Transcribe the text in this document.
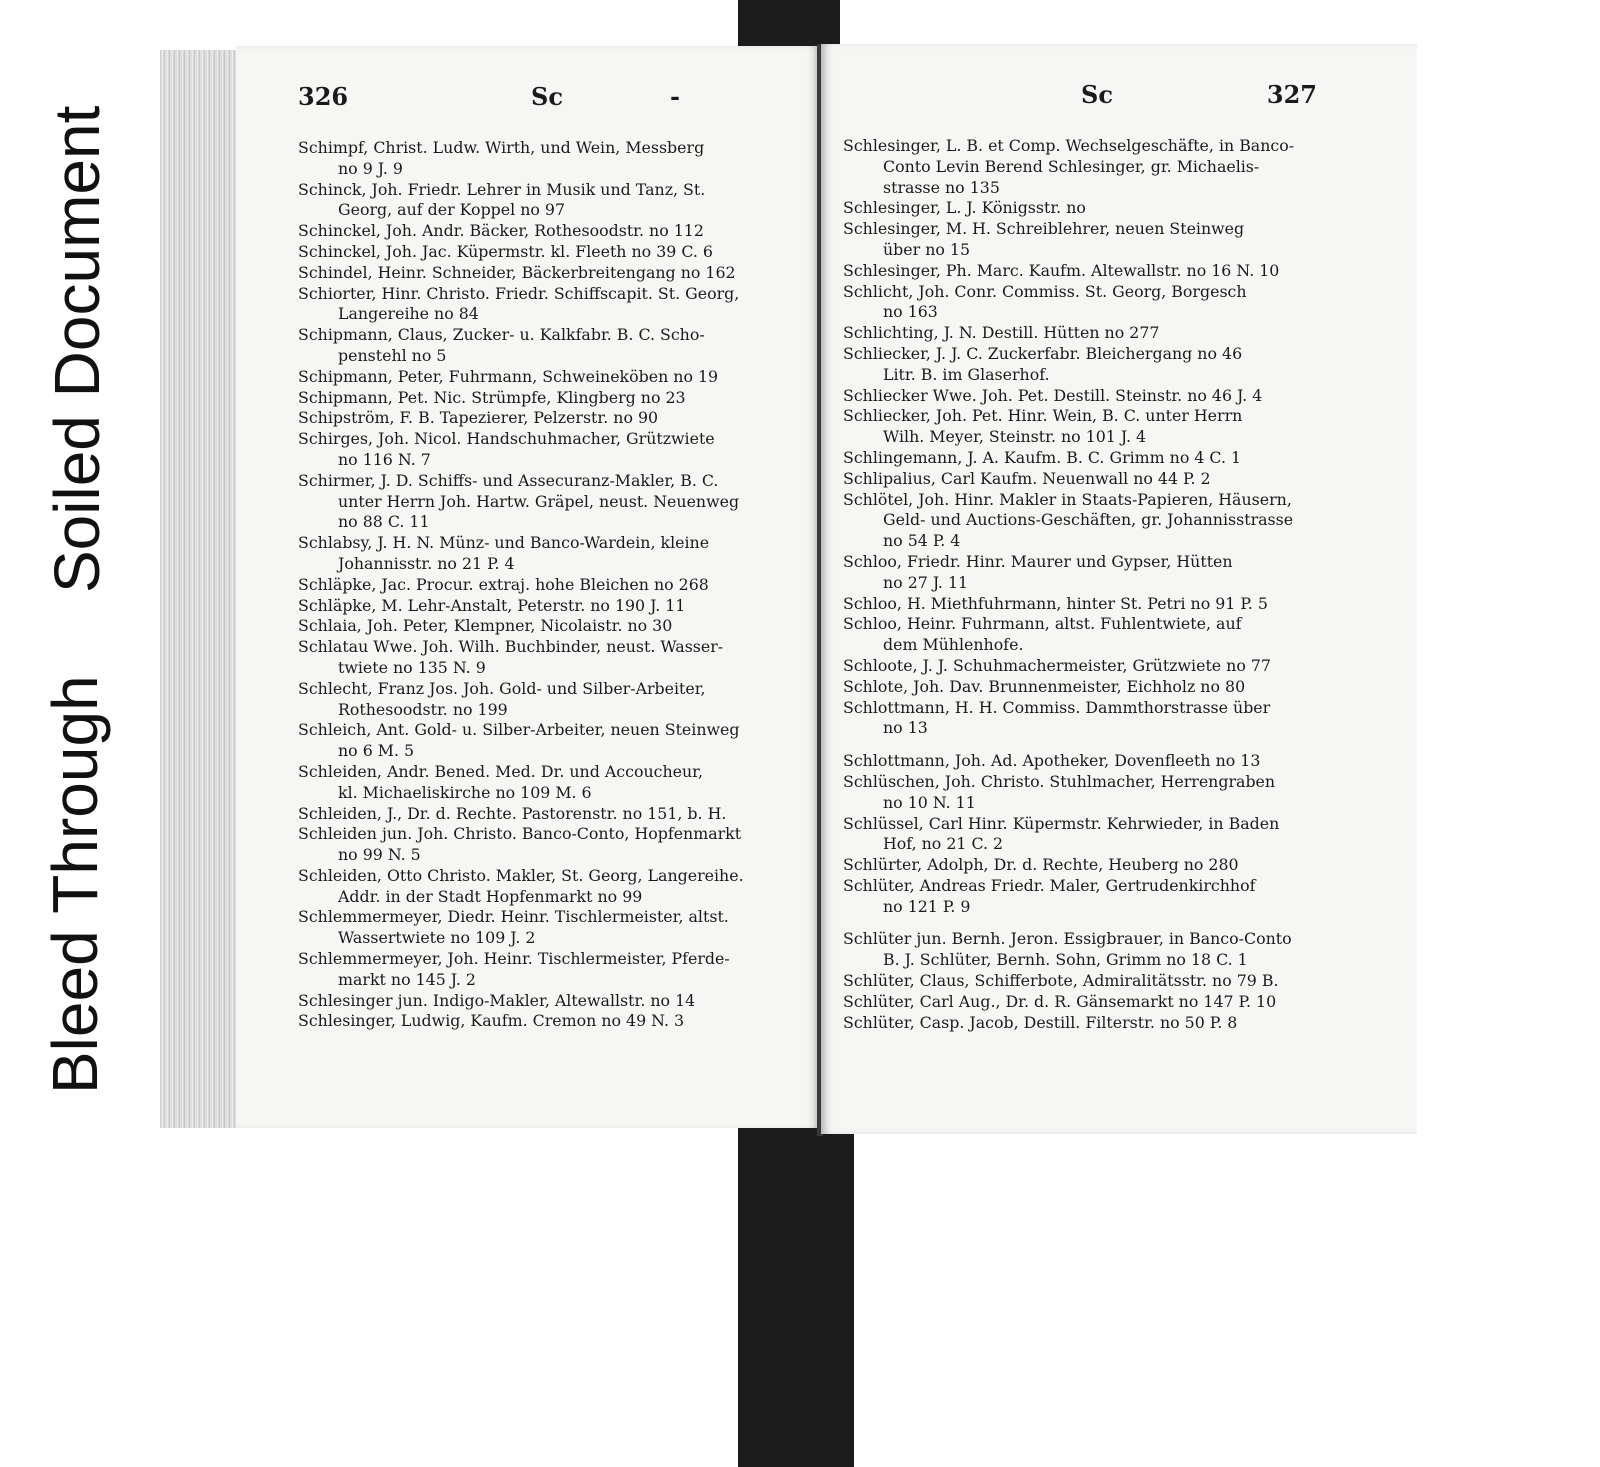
Soiled Document
Bleed Through
326	Sc	-

Schimpf, Christ. Ludw. Wirth, und Wein, Messberg
no 9 J. 9

Schinck, Joh. Friedr. Lehrer in Musik und Tanz, St.
Georg, auf der Koppel no 97

Schinckel, Joh. Andr. Bäcker, Rothesoodstr. no 112

Schinckel, Joh. Jac. Küpermstr. kl. Fleeth no 39 C. 6

Schindel, Heinr. Schneider, Bäckerbreitengang no 162

Schiorter, Hinr. Christo. Friedr. Schiffscapit. St. Georg,
Langereihe no 84

Schipmann, Claus, Zucker- u. Kalkfabr. B. C. Scho-
penstehl no 5

Schipmann, Peter, Fuhrmann, Schweineköben no 19

Schipmann, Pet. Nic. Strümpfe, Klingberg no 23

Schipström, F. B. Tapezierer, Pelzerstr. no 90

Schirges, Joh. Nicol. Handschuhmacher, Grützwiete
no 116 N. 7

Schirmer, J. D. Schiffs- und Assecuranz-Makler, B. C.
unter Herrn Joh. Hartw. Gräpel, neust. Neuenweg
no 88 C. 11

Schlabsy, J. H. N. Münz- und Banco-Wardein, kleine
Johannisstr. no 21 P. 4

Schläpke, Jac. Procur. extraj. hohe Bleichen no 268

Schläpke, M. Lehr-Anstalt, Peterstr. no 190 J. 11

Schlaia, Joh. Peter, Klempner, Nicolaistr. no 30

Schlatau Wwe. Joh. Wilh. Buchbinder, neust. Wasser-
twiete no 135 N. 9

Schlecht, Franz Jos. Joh. Gold- und Silber-Arbeiter,
Rothesoodstr. no 199

Schleich, Ant. Gold- u. Silber-Arbeiter, neuen Steinweg
no 6 M. 5

Schleiden, Andr. Bened. Med. Dr. und Accoucheur,
kl. Michaeliskirche no 109 M. 6

Schleiden, J., Dr. d. Rechte. Pastorenstr. no 151, b. H.

Schleiden jun. Joh. Christo. Banco-Conto, Hopfenmarkt
no 99 N. 5

Schleiden, Otto Christo. Makler, St. Georg, Langereihe.
Addr. in der Stadt Hopfenmarkt no 99

Schlemmermeyer, Diedr. Heinr. Tischlermeister, altst.
Wassertwiete no 109 J. 2

Schlemmermeyer, Joh. Heinr. Tischlermeister, Pferde-
markt no 145 J. 2

Schlesinger jun. Indigo-Makler, Altewallstr. no 14

Schlesinger, Ludwig, Kaufm. Cremon no 49 N. 3

Sc	327

Schlesinger, L. B. et Comp. Wechselgeschäfte, in Banco-
Conto Levin Berend Schlesinger, gr. Michaelis-
strasse no 135

Schlesinger, L. J. Königsstr. no

Schlesinger, M. H. Schreiblehrer, neuen Steinweg
über no 15

Schlesinger, Ph. Marc. Kaufm. Altewallstr. no 16 N. 10

Schlicht, Joh. Conr. Commiss. St. Georg, Borgesch
no 163

Schlichting, J. N. Destill. Hütten no 277

Schliecker, J. J. C. Zuckerfabr. Bleichergang no 46
Litr. B. im Glaserhof.

Schliecker Wwe. Joh. Pet. Destill. Steinstr. no 46 J. 4

Schliecker, Joh. Pet. Hinr. Wein, B. C. unter Herrn
Wilh. Meyer, Steinstr. no 101 J. 4

Schlingemann, J. A. Kaufm. B. C. Grimm no 4 C. 1

Schlipalius, Carl Kaufm. Neuenwall no 44 P. 2

Schlötel, Joh. Hinr. Makler in Staats-Papieren, Häusern,
Geld- und Auctions-Geschäften, gr. Johannisstrasse
no 54 P. 4

Schloo, Friedr. Hinr. Maurer und Gypser, Hütten
no 27 J. 11

Schloo, H. Miethfuhrmann, hinter St. Petri no 91 P. 5

Schloo, Heinr. Fuhrmann, altst. Fuhlentwiete, auf
dem Mühlenhofe.

Schloote, J. J. Schuhmachermeister, Grützwiete no 77

Schlote, Joh. Dav. Brunnenmeister, Eichholz no 80

Schlottmann, H. H. Commiss. Dammthorstrasse über
no 13

Schlottmann, Joh. Ad. Apotheker, Dovenfleeth no 13

Schlüschen, Joh. Christo. Stuhlmacher, Herrengraben
no 10 N. 11

Schlüssel, Carl Hinr. Küpermstr. Kehrwieder, in Baden
Hof, no 21 C. 2

Schlürter, Adolph, Dr. d. Rechte, Heuberg no 280

Schlüter, Andreas Friedr. Maler, Gertrudenkirchhof
no 121 P. 9

Schlüter jun. Bernh. Jeron. Essigbrauer, in Banco-Conto
B. J. Schlüter, Bernh. Sohn, Grimm no 18 C. 1

Schlüter, Claus, Schifferbote, Admiralitätsstr. no 79 B.

Schlüter, Carl Aug., Dr. d. R. Gänsemarkt no 147 P. 10

Schlüter, Casp. Jacob, Destill. Filterstr. no 50 P. 8
